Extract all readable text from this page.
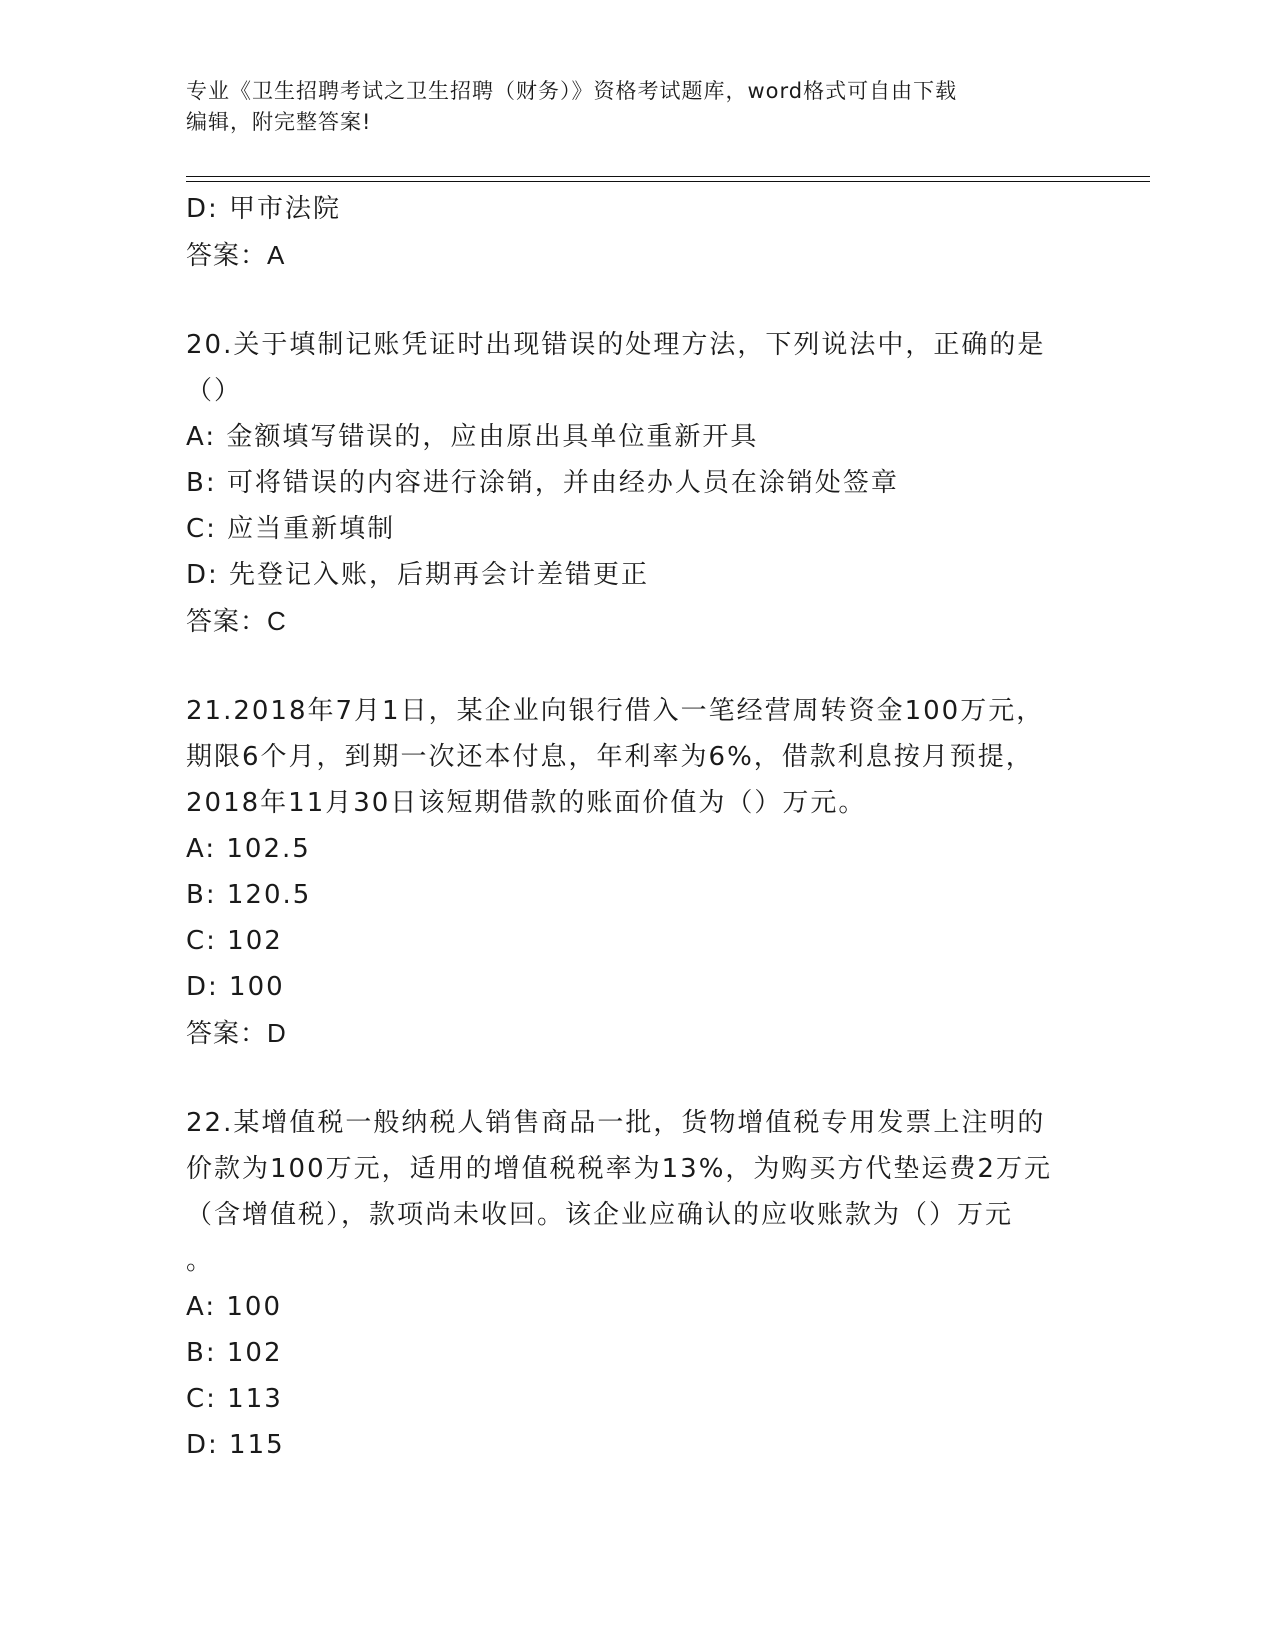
专业《卫生招聘考试之卫生招聘（财务）》资格考试题库，word格式可自由下载
编辑，附完整答案!
D: 甲市法院
答案：A
20.关于填制记账凭证时出现错误的处理方法，下列说法中，正确的是
（）
A: 金额填写错误的，应由原出具单位重新开具
B: 可将错误的内容进行涂销，并由经办人员在涂销处签章
C: 应当重新填制
D: 先登记入账，后期再会计差错更正
答案：C
21.2018年7月1日，某企业向银行借入一笔经营周转资金100万元，
期限6个月，到期一次还本付息，年利率为6%，借款利息按月预提，
2018年11月30日该短期借款的账面价值为（）万元。
A: 102.5
B: 120.5
C: 102
D: 100
答案：D
22.某增值税一般纳税人销售商品一批，货物增值税专用发票上注明的
价款为100万元，适用的增值税税率为13%，为购买方代垫运费2万元
（含增值税），款项尚未收回。该企业应确认的应收账款为（）万元
。
A: 100
B: 102
C: 113
D: 115
